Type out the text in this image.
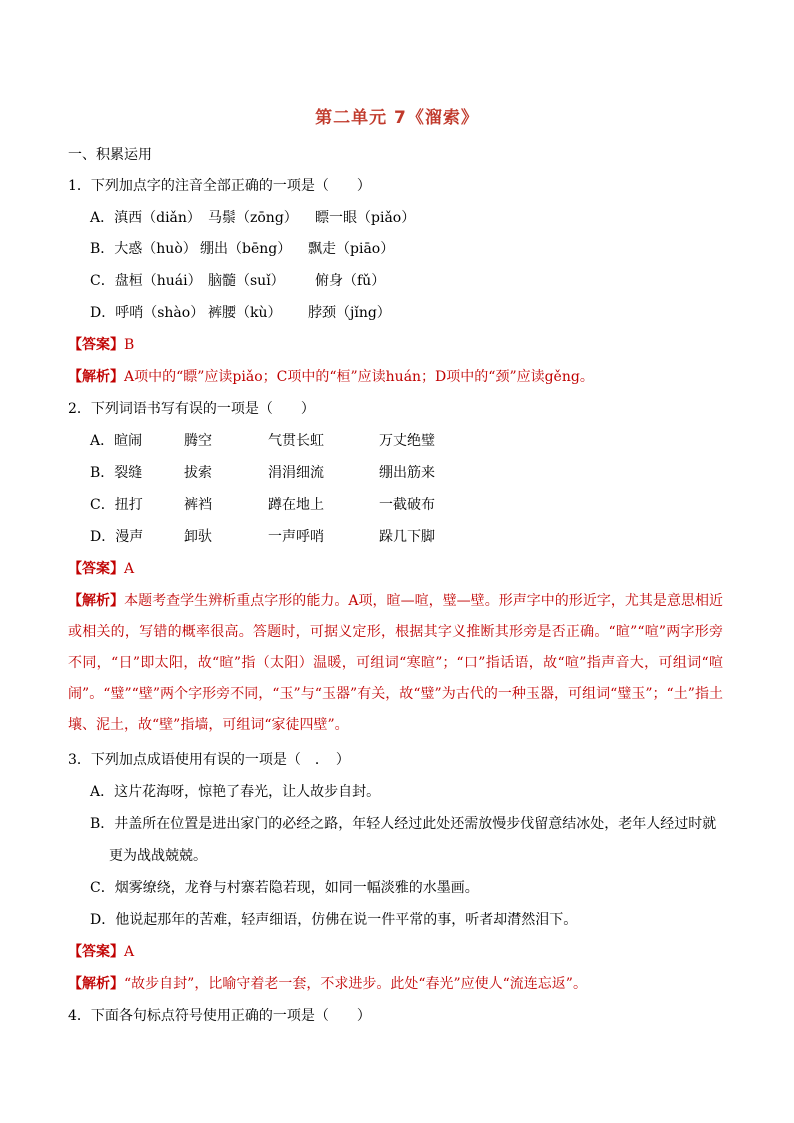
第二单元 7《溜索》
一、积累运用
1．下列加点字的注音全部正确的一项是（　　）
A．滇西（diǎn） 马鬃（zōng） 瞟一眼（piǎo）
B．大惑（huò） 绷出（bēng） 飘走（piāo）
C．盘桓（huái） 脑髓（suǐ） 俯身（fǔ）
D．呼哨（shào） 裤腰（kù） 脖颈（jǐng）
【答案】B
【解析】A项中的“瞟”应读piǎo；C项中的“桓”应读huán；D项中的“颈”应读gěng。
2．下列词语书写有误的一项是（　　）
A．暄闹	腾空	气贯长虹	万丈绝璧
B．裂缝	拔索	涓涓细流	绷出筋来
C．扭打	裤裆	蹲在地上	一截破布
D．漫声	卸驮	一声呼哨	跺几下脚
【答案】A
【解析】本题考查学生辨析重点字形的能力。A项，暄—喧，璧—壁。形声字中的形近字，尤其是意思相近或相关的，写错的概率很高。答题时，可据义定形，根据其字义推断其形旁是否正确。“暄”“喧”两字形旁不同，“日”即太阳，故“暄”指（太阳）温暖，可组词“寒暄”；“口”指话语，故“喧”指声音大，可组词“喧闹”。“璧”“壁”两个字形旁不同，“玉”与“玉器”有关，故“璧”为古代的一种玉器，可组词“璧玉”；“土”指土壤、泥土，故“壁”指墙，可组词“家徒四壁”。
3．下列加点成语使用有误的一项是（　．　）
A．这片花海呀，惊艳了春光，让人故步自封。
B．井盖所在位置是进出家门的必经之路，年轻人经过此处还需放慢步伐留意结冰处，老年人经过时就
更为战战兢兢。
C．烟雾缭绕，龙脊与村寨若隐若现，如同一幅淡雅的水墨画。
D．他说起那年的苦难，轻声细语，仿佛在说一件平常的事，听者却潸然泪下。
【答案】A
【解析】“故步自封”，比喻守着老一套，不求进步。此处“春光”应使人“流连忘返”。
4．下面各句标点符号使用正确的一项是（　　）
